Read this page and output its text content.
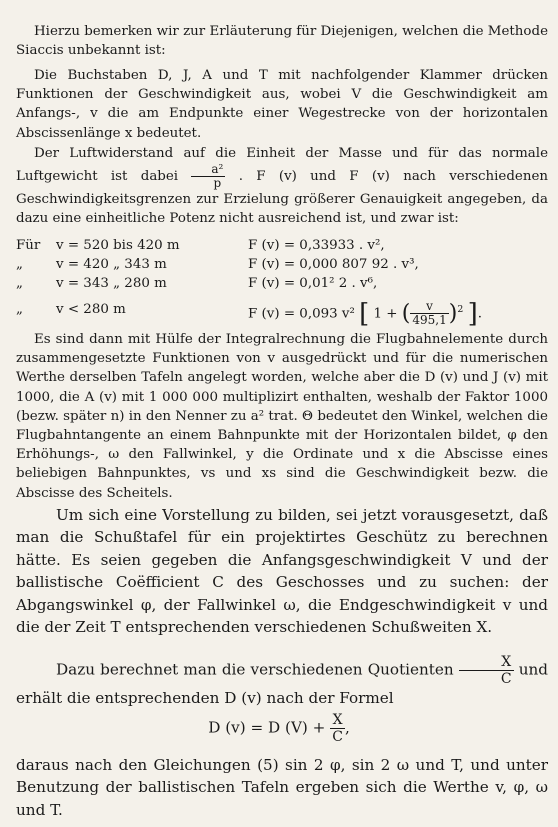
Hierzu bemerken wir zur Erläuterung für Diejenigen, welchen die Methode Siaccis unbekannt ist:

Die Buchstaben D, J, A und T mit nachfolgender Klammer drücken Funktionen der Geschwindigkeit aus, wobei V die Geschwindigkeit am Anfangs-, v die am Endpunkte einer Wegestrecke von der horizontalen Abscissenlänge x bedeutet.

Der Luftwiderstand auf die Einheit der Masse und für das normale Luftgewicht ist dabei $\frac{\text{a²}}{p}$ . F (v) und F (v) nach verschiedenen Geschwindigkeitsgrenzen zur Erzielung größerer Genauigkeit angegeben, da dazu eine einheitliche Potenz nicht ausreichend ist, und zwar ist:

Für v = 520 bis 420 m	F (v) = 0,33933 . v²,
„ v = 420 „ 343 m	F (v) = 0,000 807 92 . v³,
„ v = 343 „ 280 m	F (v) = 0,01² 2 . v⁶,
„ v < 280 m	F (v) = 0,093 v² [ 1 + ( $\frac{v}{495,1} )^2$ ].

Es sind dann mit Hülfe der Integralrechnung die Flugbahnelemente durch zusammengesetzte Funktionen von v ausgedrückt und für die numerischen Werthe derselben Tafeln angelegt worden, welche aber die D (v) und J (v) mit 1000, die A (v) mit 1 000 000 multiplizirt enthalten, weshalb der Faktor 1000 (bezw. später n) in den Nenner zu a² trat. Θ bedeutet den Winkel, welchen die Flugbahntangente an einem Bahnpunkte mit der Horizontalen bildet, φ den Erhöhungs-, ω den Fallwinkel, y die Ordinate und x die Abscisse eines beliebigen Bahnpunktes, vs und xs sind die Geschwindigkeit bezw. die Abscisse des Scheitels.

Um sich eine Vorstellung zu bilden, sei jetzt vorausgesetzt, daß man die Schußtafel für ein projektirtes Geschütz zu berechnen hätte. Es seien gegeben die Anfangsgeschwindigkeit V und der ballistische Coëfficient C des Geschosses und zu suchen: der Abgangswinkel φ, der Fallwinkel ω, die Endgeschwindigkeit v und die der Zeit T entsprechenden verschiedenen Schußweiten X.

Dazu berechnet man die verschiedenen Quotienten $\frac{X}{C}$ und erhält die entsprechenden D (v) nach der Formel

D (v) = D $(V) + \frac{X}{C}$ ,

daraus nach den Gleichungen (5) sin 2 φ, sin 2 ω und T, und unter Benutzung der ballistischen Tafeln ergeben sich die Werthe v, φ, ω und T.
